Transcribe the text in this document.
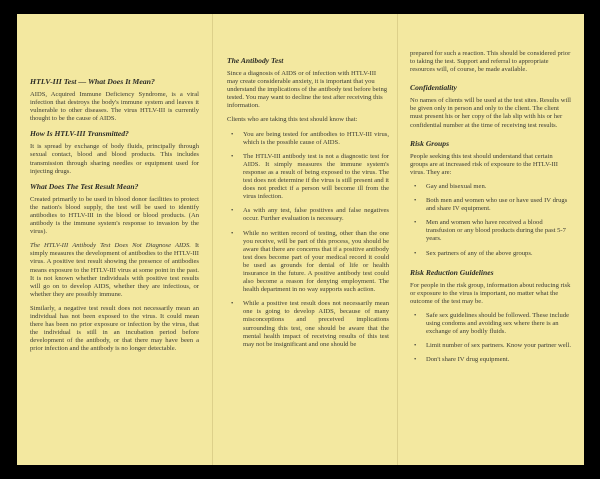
HTLV-III Test — What Does It Mean?

AIDS, Acquired Immune Deficiency Syndrome, is a viral infection that destroys the body's immune system and leaves it vulnerable to other diseases. The virus HTLV-III is currently thought to be the cause of AIDS.

How Is HTLV-III Transmitted?

It is spread by exchange of body fluids, principally through sexual contact, blood and blood products. This includes transmission through sharing needles or equipment used for injecting drugs.

What Does The Test Result Mean?

Created primarily to be used in blood donor facilities to protect the nation's blood supply, the test will be used to identify antibodies to HTLV-III in the blood or blood products. (An antibody is the immune system's response to invasion by the virus).

The HTLV-III Antibody Test Does Not Diagnose AIDS. It simply measures the development of antibodies to the HTLV-III virus. A positive test result showing the presence of antibodies means exposure to the HTLV-III virus at some point in the past. It is not known whether individuals with positive test results will go on to develop AIDS, whether they are infectious, or whether they are possibly immune.

Similarly, a negative test result does not necessarily mean an individual has not been exposed to the virus. It could mean there has been no prior exposure or infection by the virus, that the individual is still in an incubation period before development of the antibody, or that there may have been a prior infection and the antibody is no longer detectable.

The Antibody Test

Since a diagnosis of AIDS or of infection with HTLV-III may create considerable anxiety, it is important that you understand the implications of the antibody test before being tested. You may want to decline the test after receiving this information.

Clients who are taking this test should know that:

• You are being tested for antibodies to HTLV-III virus, which is the possible cause of AIDS.
• The HTLV-III antibody test is not a diagnostic test for AIDS. It simply measures the immune system's response as a result of being exposed to the virus. The test does not determine if the virus is still present and it does not predict if a person will become ill from the virus infection.
• As with any test, false positives and false negatives occur. Further evaluation is necessary.
• While no written record of testing, other than the one you receive, will be part of this process, you should be aware that there are concerns that if a positive antibody test does become part of your medical record it could be used as grounds for denial of life or health insurance in the future. A positive antibody test could also become a reason for denying employment. The health department in no way supports such action.
• While a positive test result does not necessarily mean one is going to develop AIDS, because of many misconceptions and preceived implications surrounding this test, one should be aware that the mental health impact of receiving results of this test may not be insignificant and one should be

prepared for such a reaction. This should be considered prior to taking the test. Support and referral to appropriate resources will, of course, be made available.

Confidentiality

No names of clients will be used at the test sites. Results will be given only in person and only to the client. The client must present his or her copy of the lab slip with his or her confidential number at the time of receiving test results.

Risk Groups

People seeking this test should understand that certain groups are at increased risk of exposure to the HTLV-III virus. They are:

• Gay and bisexual men.
• Both men and women who use or have used IV drugs and share IV equipment.
• Men and women who have received a blood transfusion or any blood products during the past 5-7 years.
• Sex partners of any of the above groups.
Risk Reduction Guidelines

For people in the risk group, information about reducing risk or exposure to the virus is important, no matter what the outcome of the test may be.

• Safe sex guidelines should be followed. These include using condoms and avoiding sex where there is an exchange of any bodily fluids.
• Limit number of sex partners. Know your partner well.
• Don't share IV drug equipment.
